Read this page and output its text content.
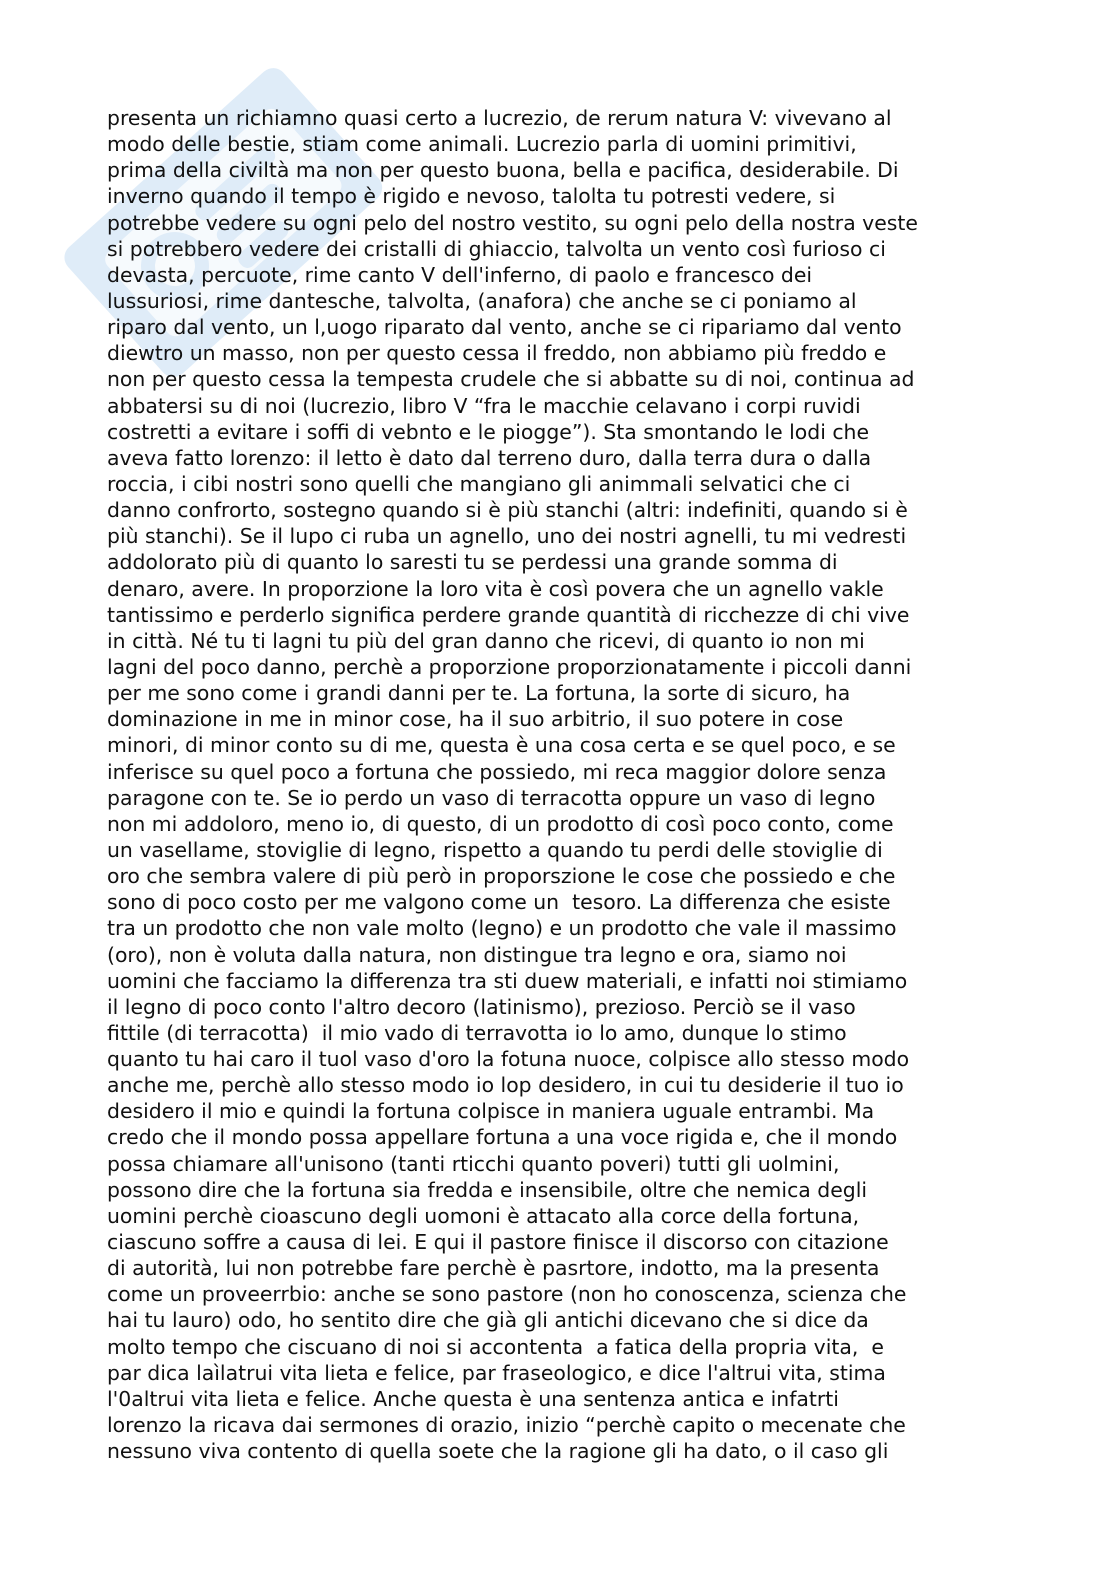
presenta un richiamno quasi certo a lucrezio, de rerum natura V: vivevano al
modo delle bestie, stiam come animali. Lucrezio parla di uomini primitivi,
prima della civiltà ma non per questo buona, bella e pacifica, desiderabile. Di
inverno quando il tempo è rigido e nevoso, talolta tu potresti vedere, si
potrebbe vedere su ogni pelo del nostro vestito, su ogni pelo della nostra veste
si potrebbero vedere dei cristalli di ghiaccio, talvolta un vento così furioso ci
devasta, percuote, rime canto V dell'inferno, di paolo e francesco dei
lussuriosi, rime dantesche, talvolta, (anafora) che anche se ci poniamo al
riparo dal vento, un l,uogo riparato dal vento, anche se ci ripariamo dal vento
diewtro un masso, non per questo cessa il freddo, non abbiamo più freddo e
non per questo cessa la tempesta crudele che si abbatte su di noi, continua ad
abbatersi su di noi (lucrezio, libro V “fra le macchie celavano i corpi ruvidi
costretti a evitare i soffi di vebnto e le piogge”). Sta smontando le lodi che
aveva fatto lorenzo: il letto è dato dal terreno duro, dalla terra dura o dalla
roccia, i cibi nostri sono quelli che mangiano gli animmali selvatici che ci
danno confrorto, sostegno quando si è più stanchi (altri: indefiniti, quando si è
più stanchi). Se il lupo ci ruba un agnello, uno dei nostri agnelli, tu mi vedresti
addolorato più di quanto lo saresti tu se perdessi una grande somma di
denaro, avere. In proporzione la loro vita è così povera che un agnello vakle
tantissimo e perderlo significa perdere grande quantità di ricchezze di chi vive
in città. Né tu ti lagni tu più del gran danno che ricevi, di quanto io non mi
lagni del poco danno, perchè a proporzione proporzionatamente i piccoli danni
per me sono come i grandi danni per te. La fortuna, la sorte di sicuro, ha
dominazione in me in minor cose, ha il suo arbitrio, il suo potere in cose
minori, di minor conto su di me, questa è una cosa certa e se quel poco, e se
inferisce su quel poco a fortuna che possiedo, mi reca maggior dolore senza
paragone con te. Se io perdo un vaso di terracotta oppure un vaso di legno
non mi addoloro, meno io, di questo, di un prodotto di così poco conto, come
un vasellame, stoviglie di legno, rispetto a quando tu perdi delle stoviglie di
oro che sembra valere di più però in proporszione le cose che possiedo e che
sono di poco costo per me valgono come un  tesoro. La differenza che esiste
tra un prodotto che non vale molto (legno) e un prodotto che vale il massimo
(oro), non è voluta dalla natura, non distingue tra legno e ora, siamo noi
uomini che facciamo la differenza tra sti duew materiali, e infatti noi stimiamo
il legno di poco conto l'altro decoro (latinismo), prezioso. Perciò se il vaso
fittile (di terracotta)  il mio vado di terravotta io lo amo, dunque lo stimo
quanto tu hai caro il tuol vaso d'oro la fotuna nuoce, colpisce allo stesso modo
anche me, perchè allo stesso modo io lop desidero, in cui tu desiderie il tuo io
desidero il mio e quindi la fortuna colpisce in maniera uguale entrambi. Ma
credo che il mondo possa appellare fortuna a una voce rigida e, che il mondo
possa chiamare all'unisono (tanti rticchi quanto poveri) tutti gli uolmini,
possono dire che la fortuna sia fredda e insensibile, oltre che nemica degli
uomini perchè cioascuno degli uomoni è attacato alla corce della fortuna,
ciascuno soffre a causa di lei. E qui il pastore finisce il discorso con citazione
di autorità, lui non potrebbe fare perchè è pasrtore, indotto, ma la presenta
come un proveerrbio: anche se sono pastore (non ho conoscenza, scienza che
hai tu lauro) odo, ho sentito dire che già gli antichi dicevano che si dice da
molto tempo che ciscuano di noi si accontenta  a fatica della propria vita,  e
par dica laìlatrui vita lieta e felice, par fraseologico, e dice l'altrui vita, stima
l'0altrui vita lieta e felice. Anche questa è una sentenza antica e infatrti
lorenzo la ricava dai sermones di orazio, inizio “perchè capito o mecenate che
nessuno viva contento di quella soete che la ragione gli ha dato, o il caso gli
